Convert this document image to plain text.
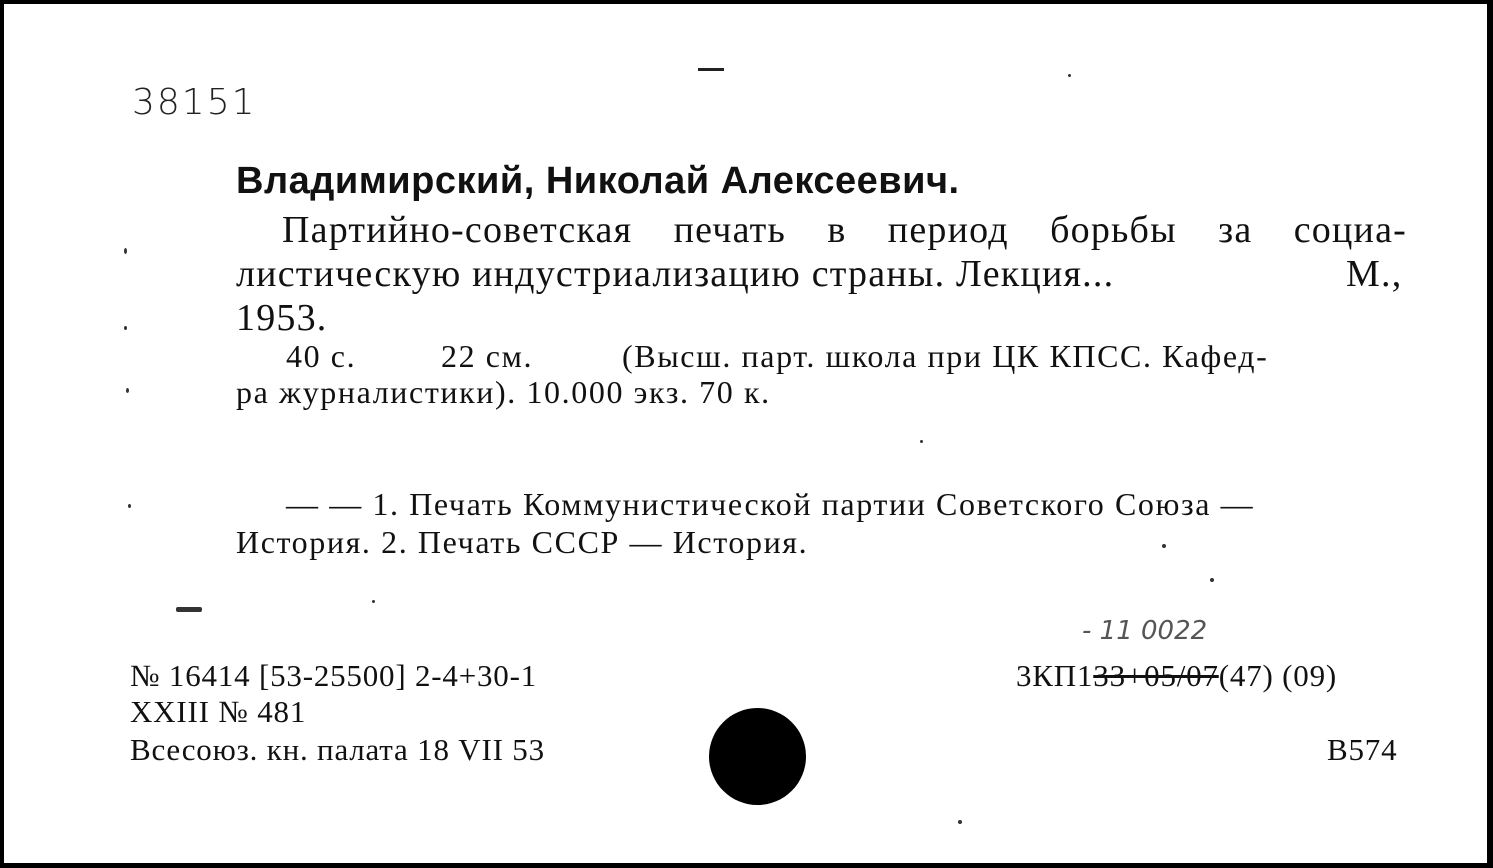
38151
Владимирский, Николай Алексеевич.
Партийно-советская печать в период борьбы за социа-
листическую индустриализацию страны. Лекция...	М.,
1953.
40 с.	22 см.	(Высш. парт. школа при ЦК КПСС. Кафед-
ра журналистики). 10.000 экз. 70 к.
— — 1. Печать Коммунистической партии Советского Союза —
История. 2. Печать СССР — История.
№ 16414 [53-25500] 2-4+30-1
XXIII № 481
Всесоюз. кн. палата 18 VII 53
- 11 0022
3КП133+05/07(47) (09)
В574
